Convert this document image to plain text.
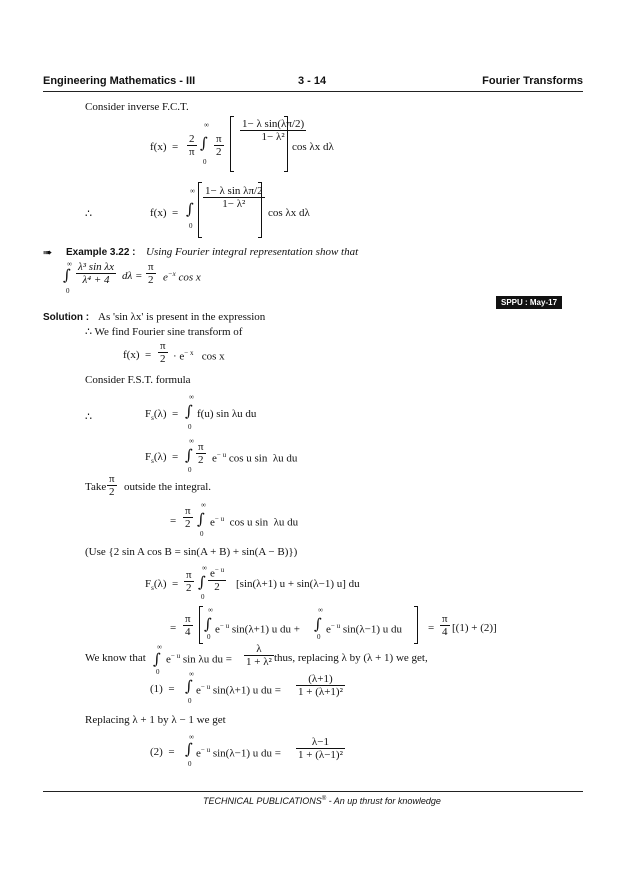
Engineering Mathematics - III	3 - 14	Fourier Transforms
Consider inverse F.C.T.
f(x)  =
2
π
∞
∫
0
π
2
1− λ sin(λπ/2)
1− λ²
cos λx dλ
∴	f(x)  =
∞
∫
0
1− λ sin λπ/2
1− λ²
cos λx dλ
➠ Example 3.22 : Using Fourier integral representation show that
∞
∫
0
λ³ sin λx
λ⁴ + 4 dλ =
π
2 $e^{-x}$ cos x
SPPU : May-17
Solution : As 'sin λx' is present in the expression
∴ We find Fourier sine transform of
f(x)  =
π
$2 \cdot e^{- x}$   cos x
Consider F.S.T. formula
∴	$F_s(\lambda)$  =
∞
∫
0
f(u) sin λu du
$F_s(\lambda)$  =
∞
∫
0
π
2 $e^{- u}$ cos u sin  λu du
Take
π
2 outside the integral.
=
π
2
∞
∫
0
$e^{- u}$  cos u sin  λu du
(Use {2 sin A cos B = sin(A + B) + sin(A − B)})
$F_s(\lambda)$  =
π
2
∞
∫
0
$e^{- u}$
2 [sin(λ+1) u + sin(λ−1) u] du
=
π
4
∞
∫
0
$e^{- u}$ sin(λ+1) u du +
∞
∫
0
$e^{- u}$ sin(λ−1) u du =
π
4 [(1) + (2)]
We know that
∞
∫
0
$e^{- u}$ sin λu du =
λ
1 + λ² thus, replacing λ by (λ + 1) we get,
(1)  =
∞
∫
0
$e^{- u}$ sin(λ+1) u du =
(λ+1)
1 + (λ+1)²
Replacing λ + 1 by λ − 1 we get
(2)  =
∞
∫
0
$e^{- u}$ sin(λ−1) u du =
λ−1
1 + (λ−1)²
TECHNICAL PUBLICATIONS® - An up thrust for knowledge
